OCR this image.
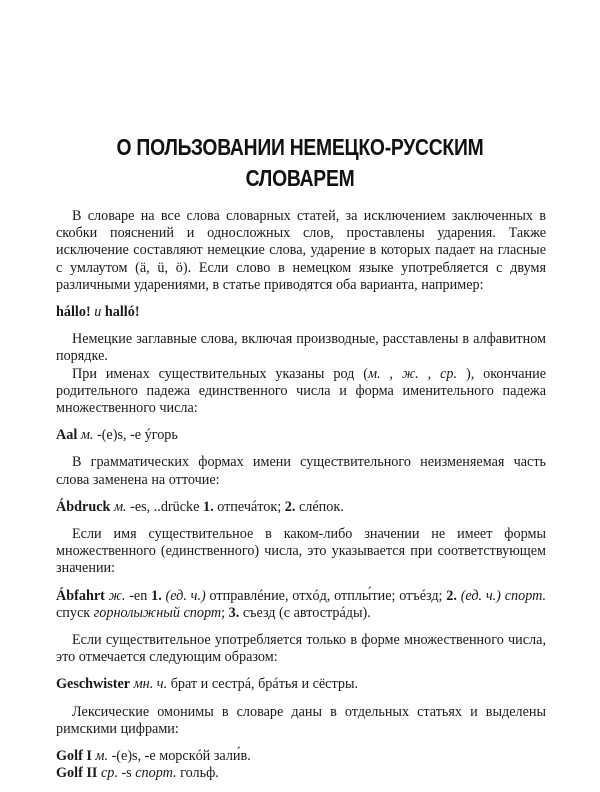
О ПОЛЬЗОВАНИИ НЕМЕЦКО-РУССКИМ
СЛОВАРЕМ

В словаре на все слова словарных статей, за исключением заключенных в скобки пояснений и односложных слов, проставлены ударения. Также исключение составляют немецкие слова, ударение в которых падает на гласные с умлаутом (ä, ü, ö). Если слово в немецком языке употребляется с двумя различными ударениями, в статье приводятся оба варианта, например:

hállo! и halló!

Немецкие заглавные слова, включая производные, расставлены в алфавитном порядке.

При именах существительных указаны род (м. , ж. , ср. ), окончание родительного падежа единственного числа и форма именительного падежа множественного числа:

Aal м. -(e)s, -e ýгорь

В грамматических формах имени существительного неизменяемая часть слова заменена на отточие:

Ábdruck м. -es, ..drücke 1. отпечáток; 2. слéпок.

Если имя существительное в каком-либо значении не имеет формы множественного (единственного) числа, это указывается при соответствующем значении:

Ábfahrt ж. -en 1. (ед. ч.) отправлéние, отхóд, отплы́тие; отъéзд; 2. (ед. ч.) спорт. спуск горнолыжный спорт; 3. съезд (с автострáды).

Если существительное употребляется только в форме множественного числа, это отмечается следующим образом:

Geschwister мн. ч. брат и сестрá, брáтья и сёстры.

Лексические омонимы в словаре даны в отдельных статьях и выделены римскими цифрами:

Golf I м. -(e)s, -e морскóй зали́в.

Golf II ср. -s спорт. гольф.
